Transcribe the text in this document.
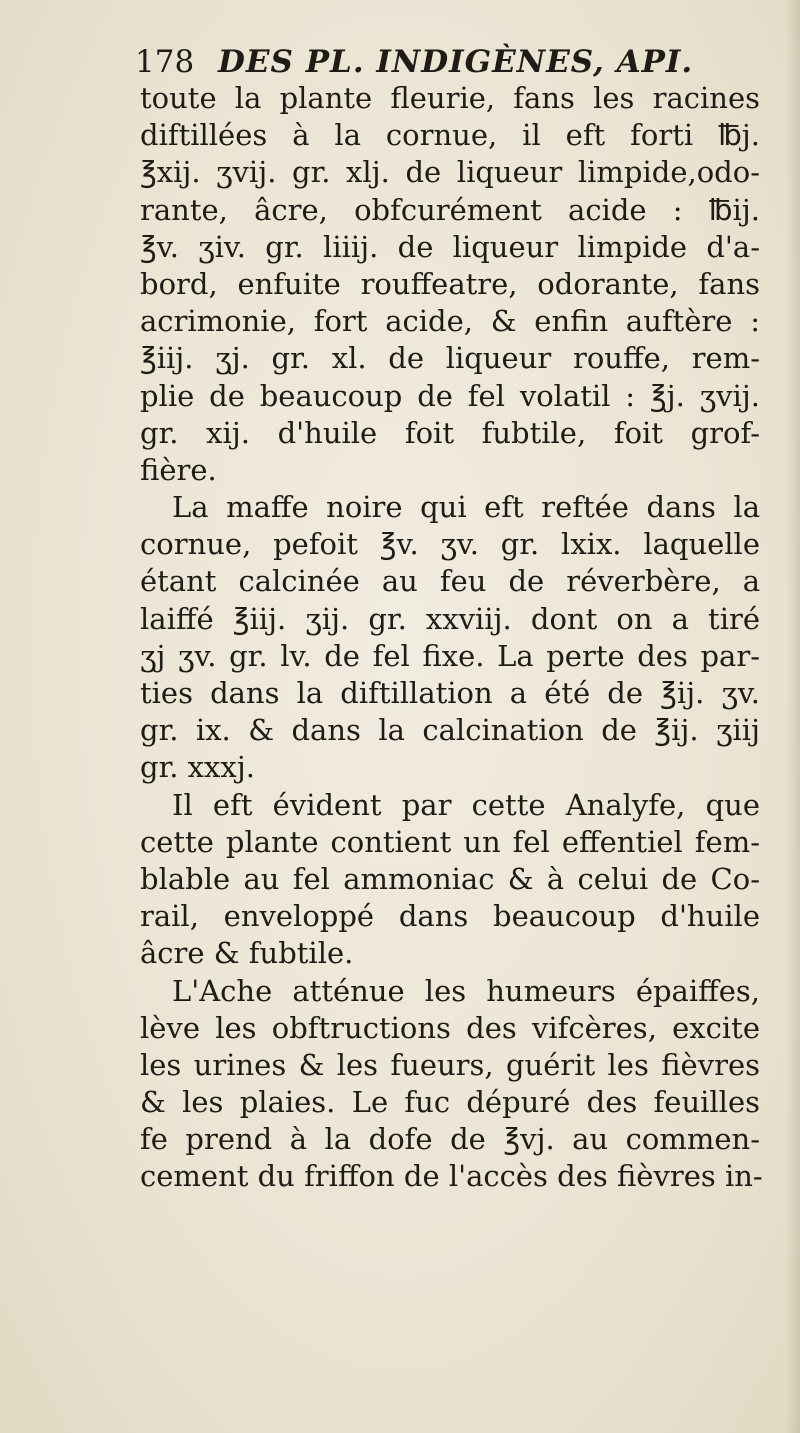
178 DES PL. INDIGÈNES, API.
toute la plante fleurie, fans les racines
diftillées à la cornue, il eft forti ℔j.
℥xij. ʒvij. gr. xlj. de liqueur limpide,odo-
rante, âcre, obfcurément acide : ℔ij.
℥v. ʒiv. gr. liiij. de liqueur limpide d'a-
bord, enfuite rouffeatre, odorante, fans
acrimonie, fort acide, & enfin auftère :
℥iij. ʒj. gr. xl. de liqueur rouffe, rem-
plie de beaucoup de fel volatil : ℥j. ʒvij.
gr. xij. d'huile foit fubtile, foit grof-
fière.
La maffe noire qui eft reftée dans la
cornue, pefoit ℥v. ʒv. gr. lxix. laquelle
étant calcinée au feu de réverbère, a
laiffé ℥iij. ʒij. gr. xxviij. dont on a tiré
ʒj ʒv. gr. lv. de fel fixe. La perte des par-
ties dans la diftillation a été de ℥ij. ʒv.
gr. ix. & dans la calcination de ℥ij. ʒiij
gr. xxxj.
Il eft évident par cette Analyfe, que
cette plante contient un fel effentiel fem-
blable au fel ammoniac & à celui de Co-
rail, enveloppé dans beaucoup d'huile
âcre & fubtile.
L'Ache atténue les humeurs épaiffes,
lève les obftructions des vifcères, excite
les urines & les fueurs, guérit les fièvres
& les plaies. Le fuc dépuré des feuilles
fe prend à la dofe de ℥vj. au commen-
cement du friffon de l'accès des fièvres in-
